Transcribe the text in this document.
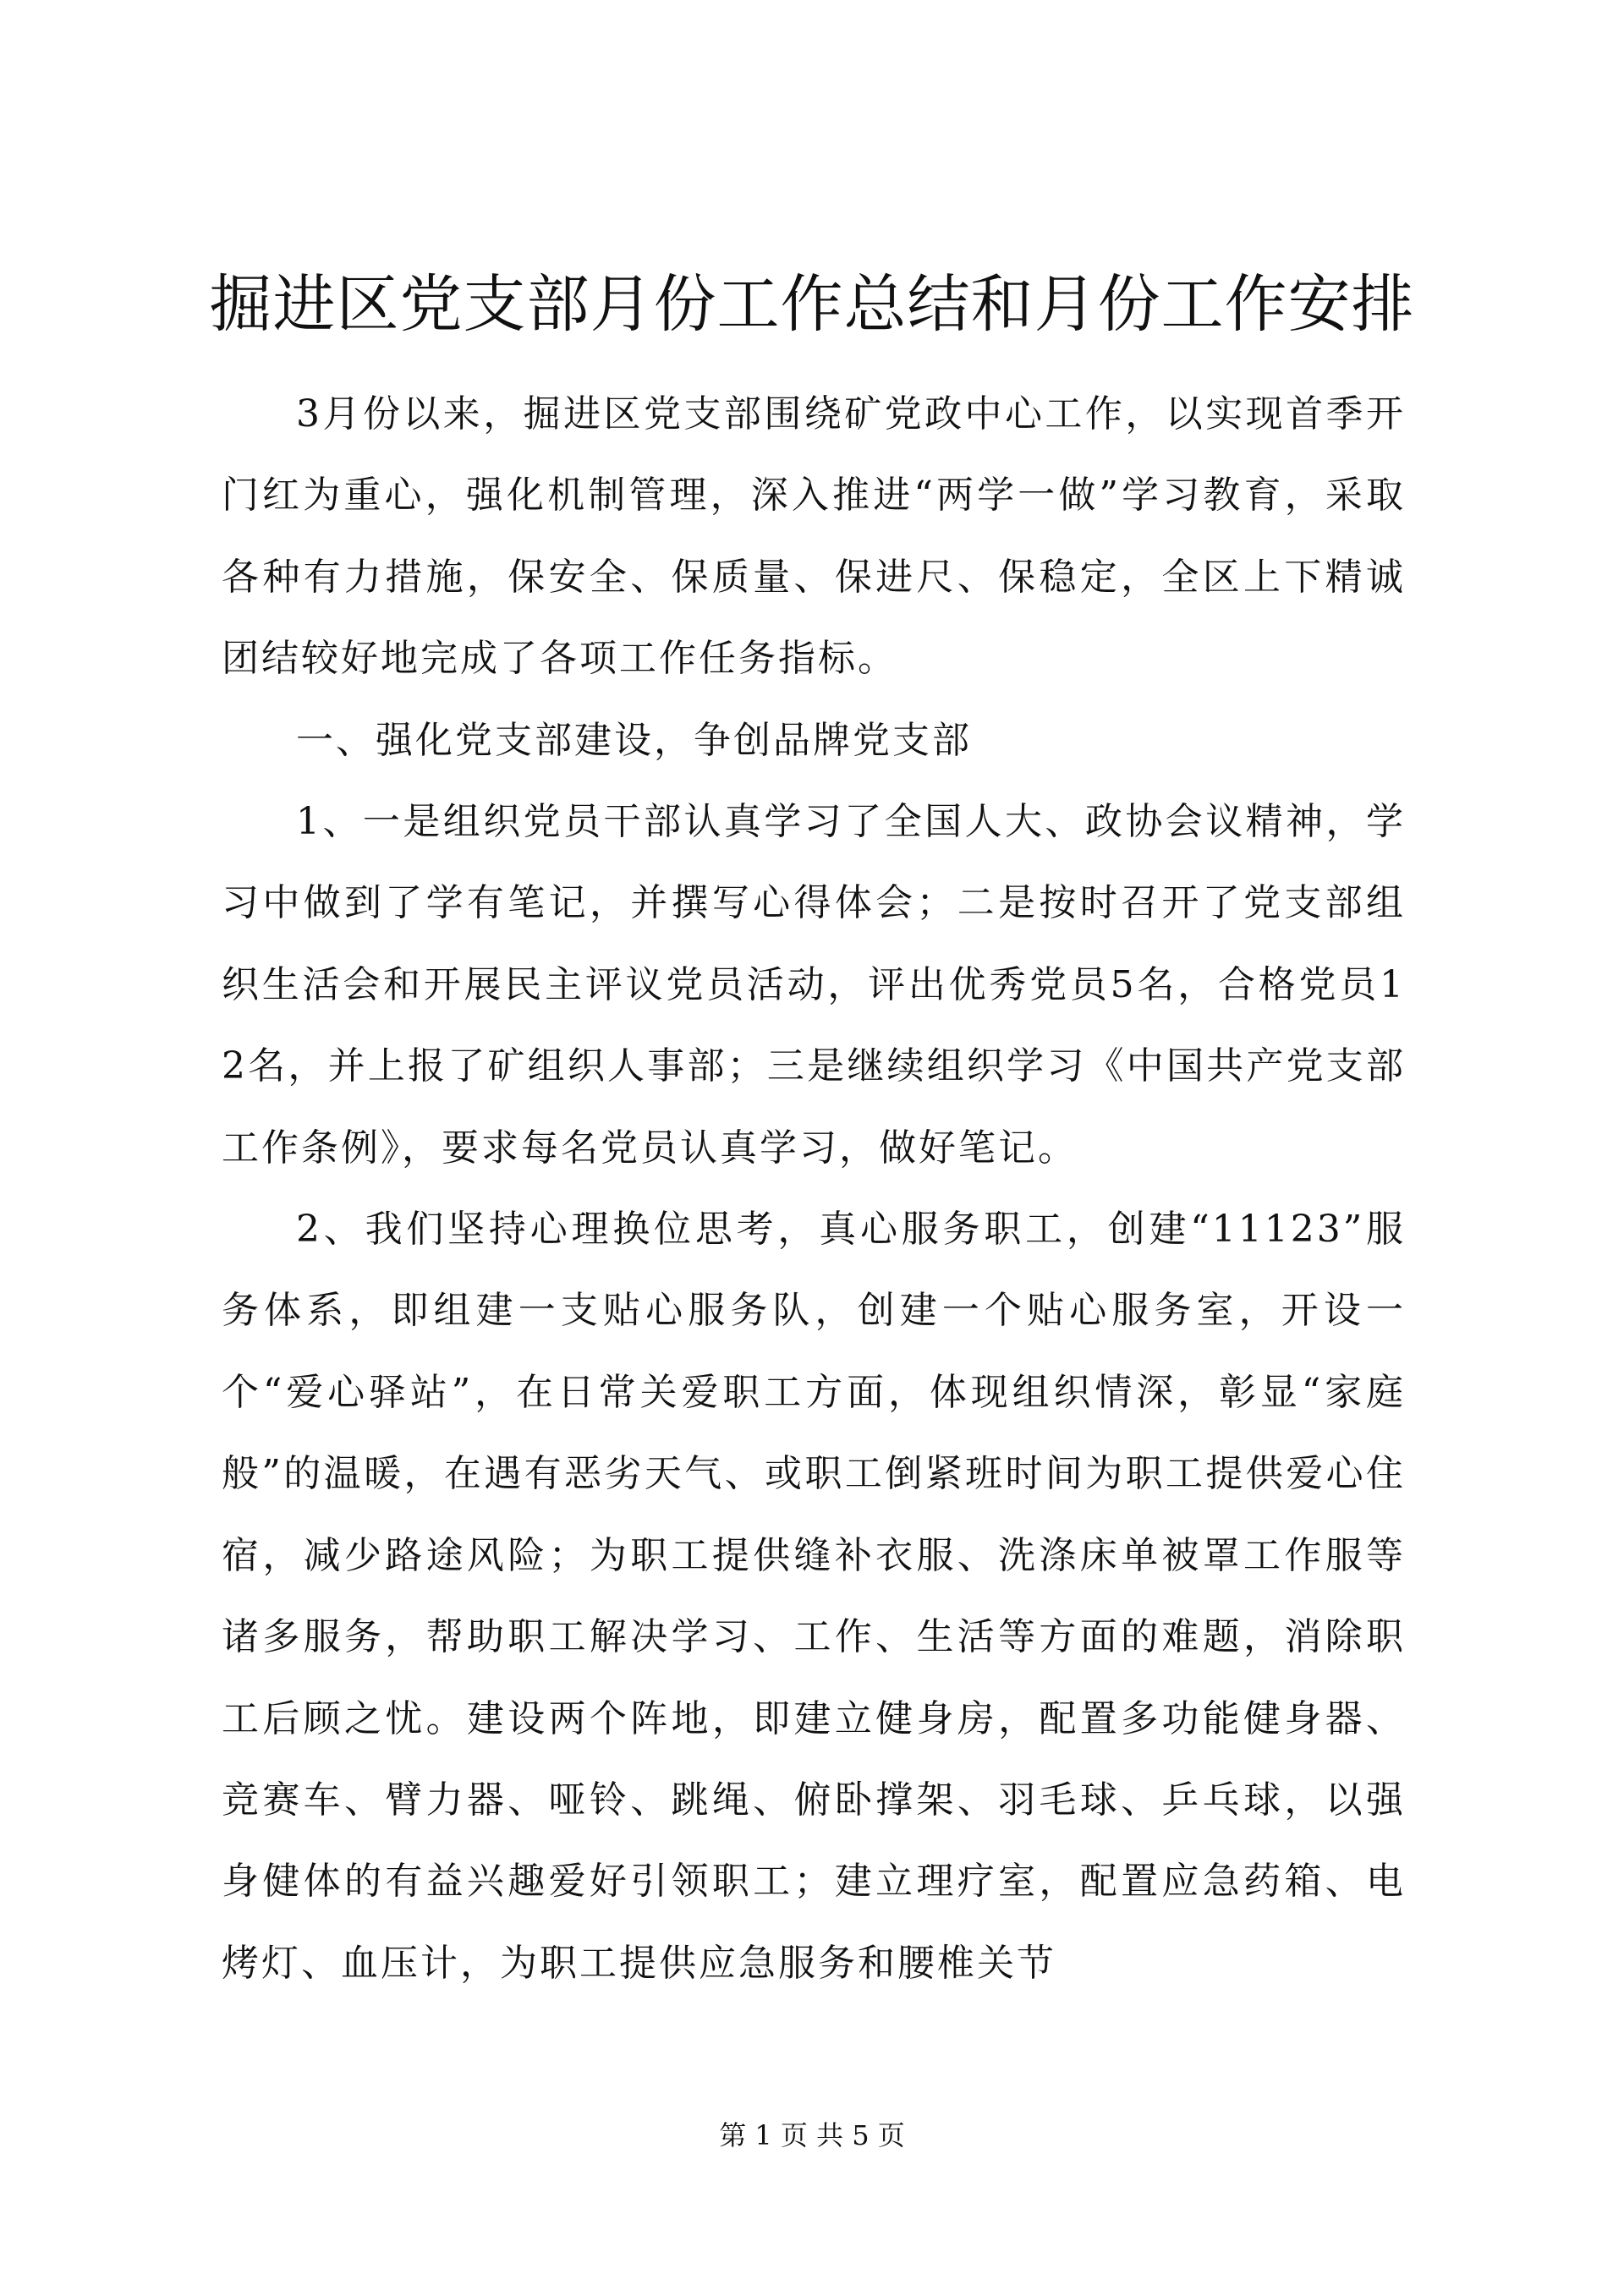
掘进区党支部月份工作总结和月份工作安排

3月份以来，掘进区党支部围绕矿党政中心工作，以实现首季开门红为重心，强化机制管理，深入推进“两学一做”学习教育，采取各种有力措施，保安全、保质量、保进尺、保稳定，全区上下精诚团结较好地完成了各项工作任务指标。

一、强化党支部建设，争创品牌党支部

1、一是组织党员干部认真学习了全国人大、政协会议精神，学习中做到了学有笔记，并撰写心得体会；二是按时召开了党支部组织生活会和开展民主评议党员活动，评出优秀党员5名，合格党员12名，并上报了矿组织人事部；三是继续组织学习《中国共产党支部工作条例》，要求每名党员认真学习，做好笔记。

2、我们坚持心理换位思考，真心服务职工，创建“11123”服务体系，即组建一支贴心服务队，创建一个贴心服务室，开设一个“爱心驿站”，在日常关爱职工方面，体现组织情深，彰显“家庭般”的温暖，在遇有恶劣天气、或职工倒紧班时间为职工提供爱心住宿，减少路途风险；为职工提供缝补衣服、洗涤床单被罩工作服等诸多服务，帮助职工解决学习、工作、生活等方面的难题，消除职工后顾之忧。建设两个阵地，即建立健身房，配置多功能健身器、竞赛车、臂力器、哑铃、跳绳、俯卧撑架、羽毛球、乒乓球，以强身健体的有益兴趣爱好引领职工；建立理疗室，配置应急药箱、电烤灯、血压计，为职工提供应急服务和腰椎关节

第 1 页 共 5 页
